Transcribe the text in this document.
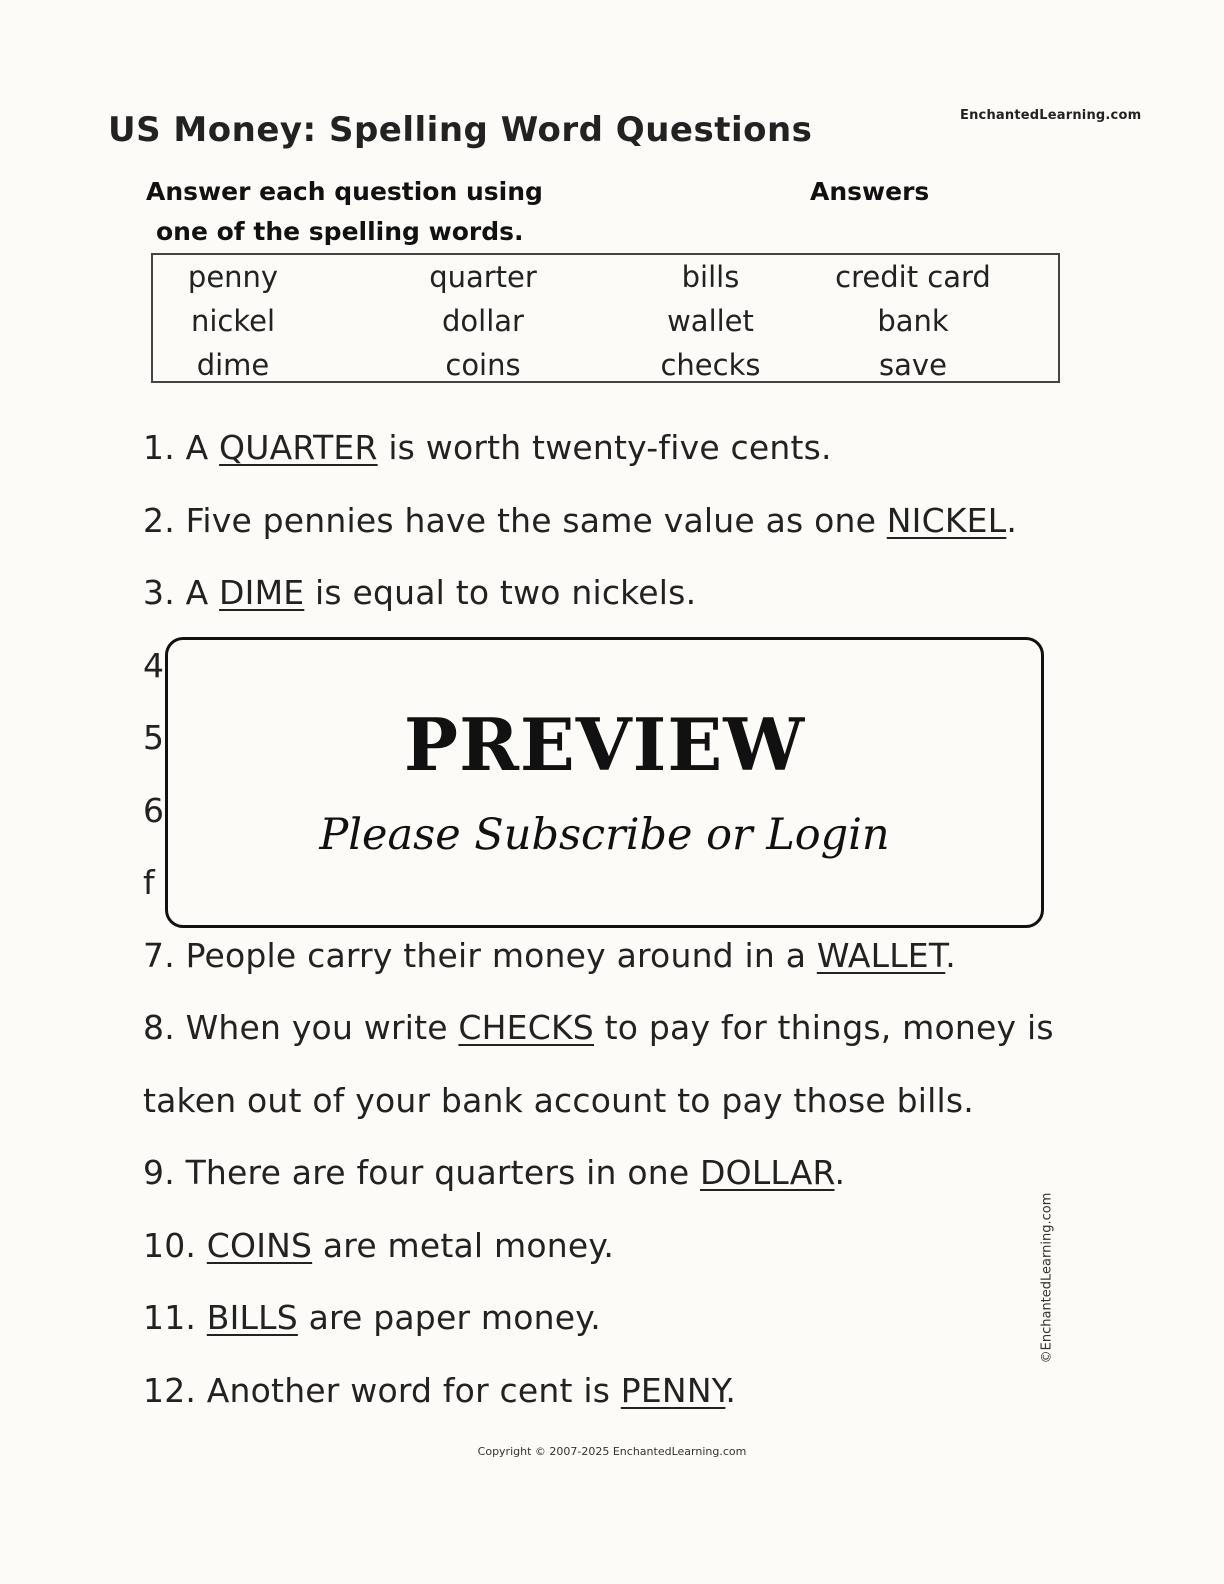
EnchantedLearning.com
US Money: Spelling Word Questions
Answer each question using
one of the spelling words.
Answers
penny	quarter	bills	credit card
nickel	dollar	wallet	bank
dime	coins	checks	save
1. A QUARTER is worth twenty-five cents.
2. Five pennies have the same value as one NICKEL.
3. A DIME is equal to two nickels.
4
5
6
f
7. People carry their money around in a WALLET.
8. When you write CHECKS to pay for things, money is
taken out of your bank account to pay those bills.
9. There are four quarters in one DOLLAR.
10. COINS are metal money.
11. BILLS are paper money.
12. Another word for cent is PENNY.
PREVIEW
Please Subscribe or Login
©EnchantedLearning.com
Copyright © 2007-2025 EnchantedLearning.com
